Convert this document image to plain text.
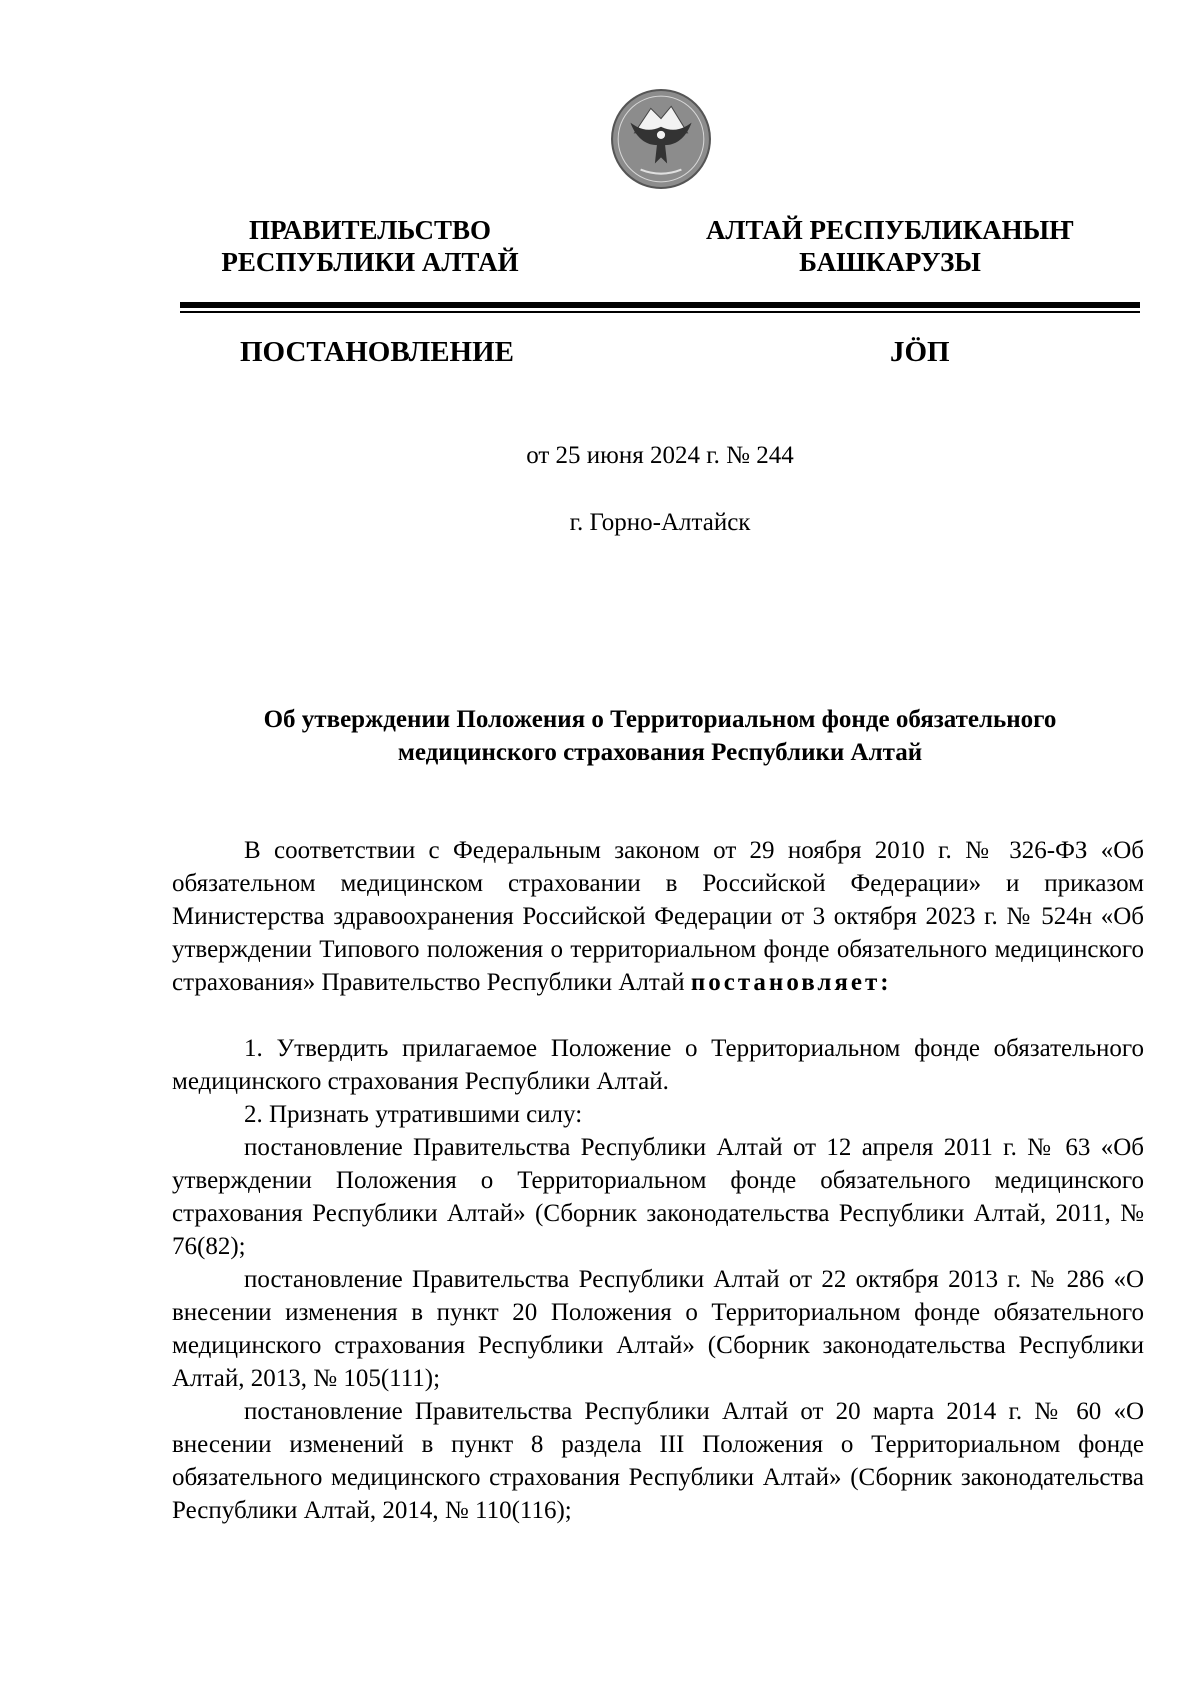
ПРАВИТЕЛЬСТВО
РЕСПУБЛИКИ АЛТАЙ
АЛТАЙ РЕСПУБЛИКАНЫҤ
БАШКАРУЗЫ
ПОСТАНОВЛЕНИЕ	JӦП
от 25 июня 2024 г. № 244
г. Горно-Алтайск
Об утверждении Положения о Территориальном фонде обязательного
медицинского страхования Республики Алтай

В соответствии с Федеральным законом от 29 ноября 2010 г. № 326-ФЗ «Об обязательном медицинском страховании в Российской Федерации» и приказом Министерства здравоохранения Российской Федерации от 3 октября 2023 г. № 524н «Об утверждении Типового положения о территориальном фонде обязательного медицинского страхования» Правительство Республики Алтай постановляет:

1. Утвердить прилагаемое Положение о Территориальном фонде обязательного медицинского страхования Республики Алтай.

2. Признать утратившими силу:

постановление Правительства Республики Алтай от 12 апреля 2011 г. № 63 «Об утверждении Положения о Территориальном фонде обязательного медицинского страхования Республики Алтай» (Сборник законодательства Республики Алтай, 2011, № 76(82);

постановление Правительства Республики Алтай от 22 октября 2013 г. № 286 «О внесении изменения в пункт 20 Положения о Территориальном фонде обязательного медицинского страхования Республики Алтай» (Сборник законодательства Республики Алтай, 2013, № 105(111);

постановление Правительства Республики Алтай от 20 марта 2014 г. № 60 «О внесении изменений в пункт 8 раздела III Положения о Территориальном фонде обязательного медицинского страхования Республики Алтай» (Сборник законодательства Республики Алтай, 2014, № 110(116);
